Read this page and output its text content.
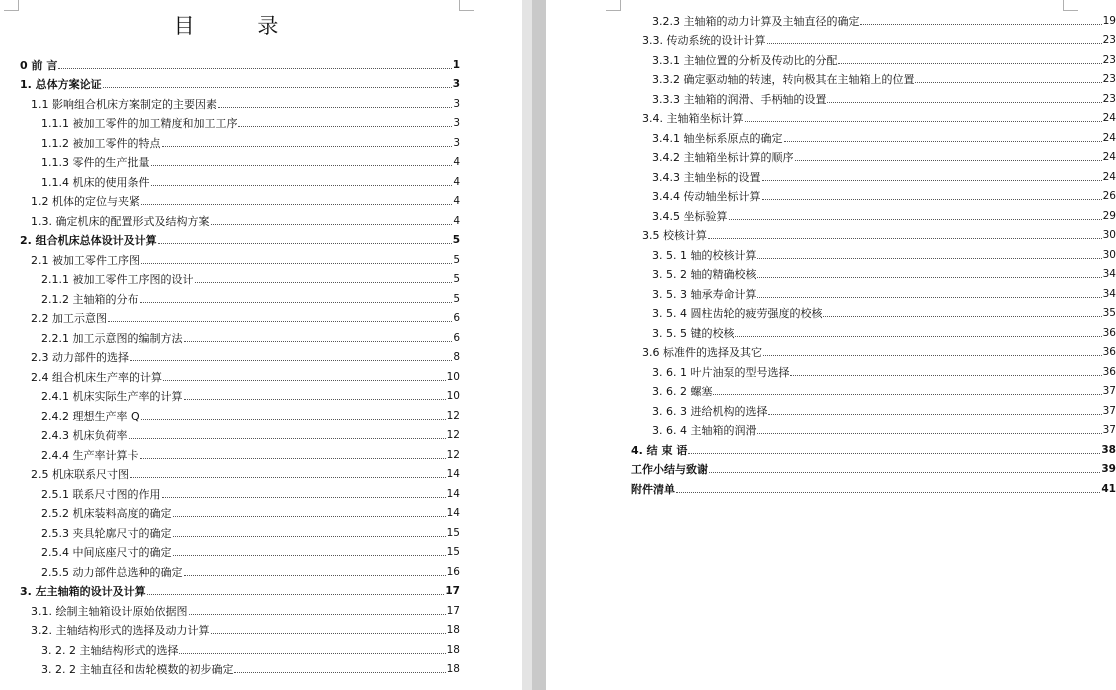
目 录
0 前 言	1
1. 总体方案论证	3
1.1 影响组合机床方案制定的主要因素	3
1.1.1 被加工零件的加工精度和加工工序	3
1.1.2 被加工零件的特点	3
1.1.3 零件的生产批量	4
1.1.4 机床的使用条件	4
1.2 机体的定位与夹紧	4
1.3. 确定机床的配置形式及结构方案	4
2. 组合机床总体设计及计算	5
2.1 被加工零件工序图	5
2.1.1 被加工零件工序图的设计	5
2.1.2 主轴箱的分布	5
2.2 加工示意图	6
2.2.1 加工示意图的编制方法	6
2.3 动力部件的选择	8
2.4 组合机床生产率的计算	10
2.4.1 机床实际生产率的计算	10
2.4.2 理想生产率 Q	12
2.4.3 机床负荷率	12
2.4.4 生产率计算卡	12
2.5 机床联系尺寸图	14
2.5.1 联系尺寸图的作用	14
2.5.2 机床装料高度的确定	14
2.5.3 夹具轮廓尺寸的确定	15
2.5.4 中间底座尺寸的确定	15
2.5.5 动力部件总选种的确定	16
3. 左主轴箱的设计及计算	17
3.1. 绘制主轴箱设计原始依据图	17
3.2. 主轴结构形式的选择及动力计算	18
3. 2. 2 主轴结构形式的选择	18
3. 2. 2 主轴直径和齿轮模数的初步确定	18
3.2.3 主轴箱的动力计算及主轴直径的确定	19
3.3. 传动系统的设计计算	23
3.3.1 主轴位置的分析及传动比的分配	23
3.3.2 确定驱动轴的转速，转向极其在主轴箱上的位置	23
3.3.3 主轴箱的润滑、手柄轴的设置	23
3.4. 主轴箱坐标计算	24
3.4.1 轴坐标系原点的确定	24
3.4.2 主轴箱坐标计算的顺序	24
3.4.3 主轴坐标的设置	24
3.4.4 传动轴坐标计算	26
3.4.5 坐标验算	29
3.5 校核计算	30
3. 5. 1 轴的校核计算	30
3. 5. 2 轴的精确校核	34
3. 5. 3 轴承寿命计算	34
3. 5. 4 圆柱齿轮的疲劳强度的校核	35
3. 5. 5 键的校核	36
3.6 标准件的选择及其它	36
3. 6. 1 叶片油泵的型号选择	36
3. 6. 2 螺塞	37
3. 6. 3 进给机构的选择	37
3. 6. 4 主轴箱的润滑	37
4. 结 束 语	38
工作小结与致谢	39
附件清单	41
